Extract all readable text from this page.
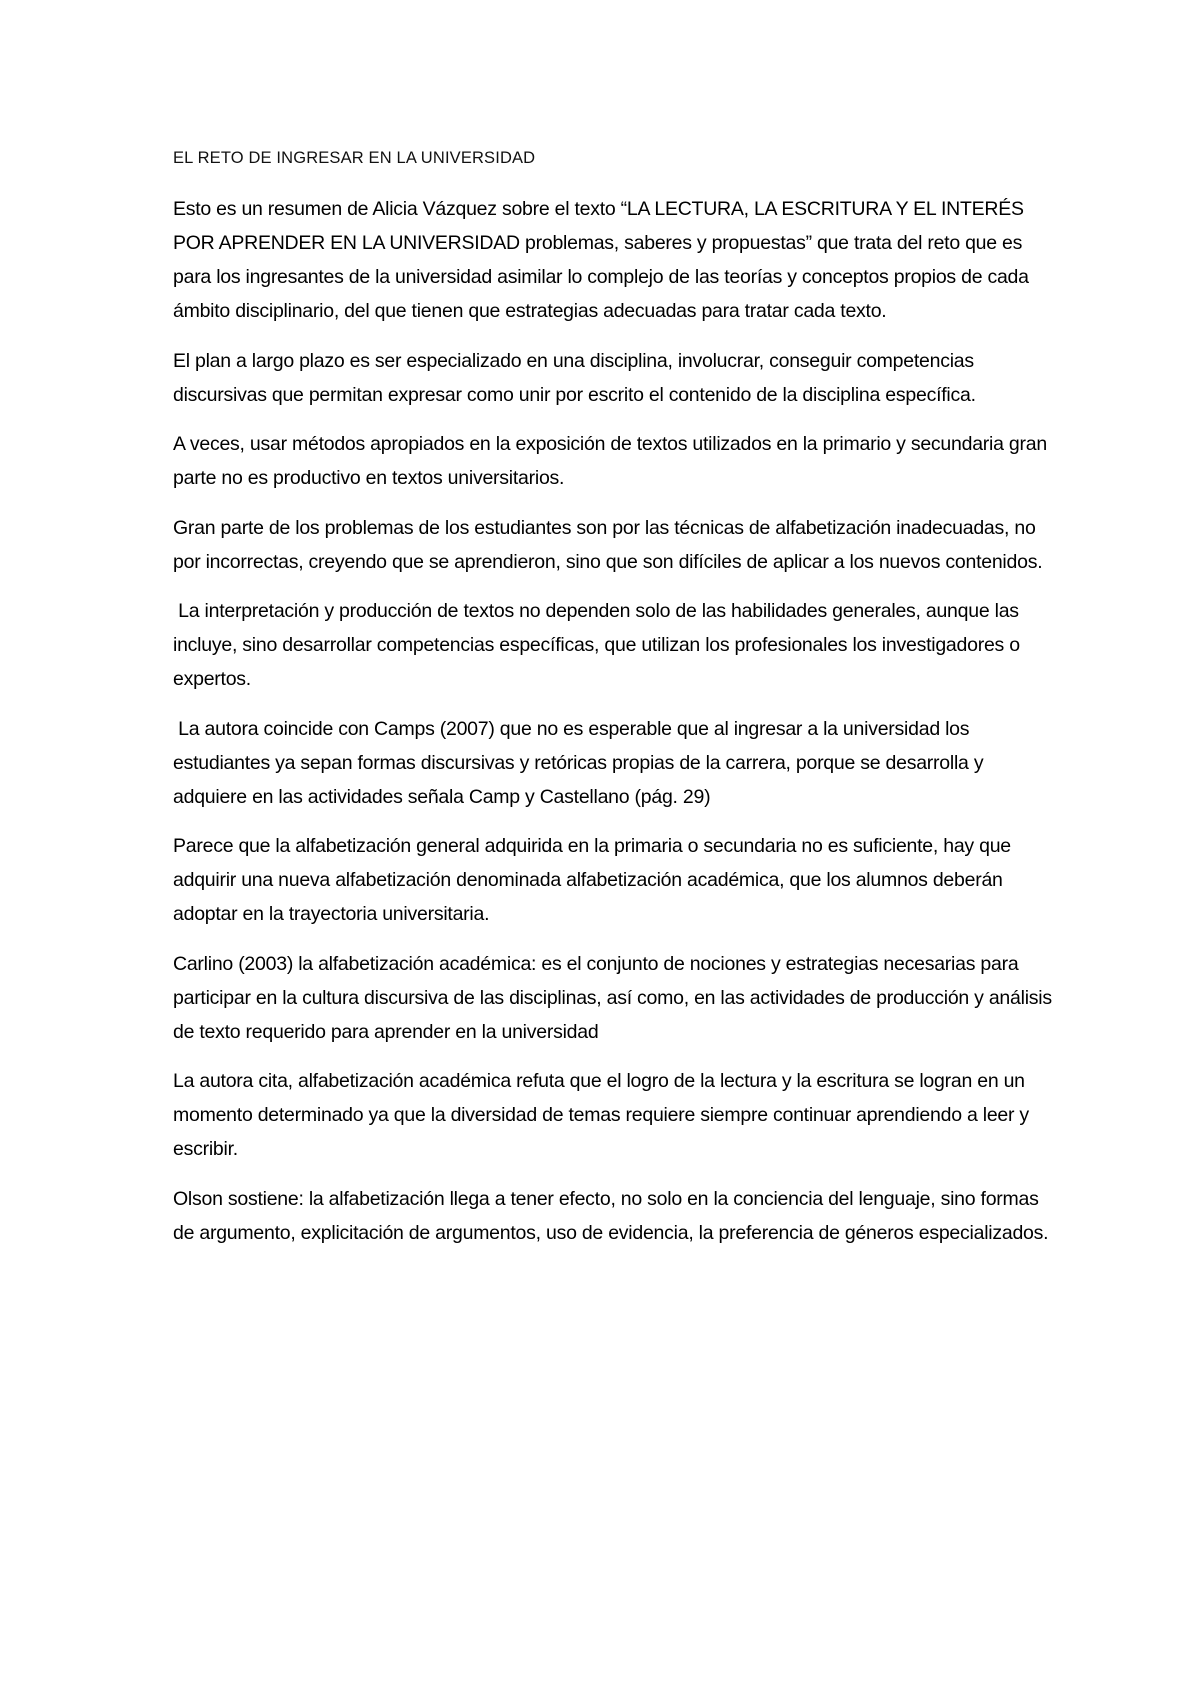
EL RETO DE INGRESAR EN LA UNIVERSIDAD

Esto es un resumen de Alicia Vázquez sobre el texto “LA LECTURA, LA ESCRITURA Y EL INTERÉS POR APRENDER EN LA UNIVERSIDAD problemas, saberes y propuestas” que trata del reto que es para los ingresantes de la universidad asimilar lo complejo de las teorías y conceptos propios de cada ámbito disciplinario, del que tienen que estrategias adecuadas para tratar cada texto.

El plan a largo plazo es ser especializado en una disciplina, involucrar, conseguir competencias discursivas que permitan expresar como unir por escrito el contenido de la disciplina específica.

A veces, usar métodos apropiados en la exposición de textos utilizados en la primario y secundaria gran parte no es productivo en textos universitarios.

Gran parte de los problemas de los estudiantes son por las técnicas de alfabetización inadecuadas, no por incorrectas, creyendo que se aprendieron, sino que son difíciles de aplicar a los nuevos contenidos.

La interpretación y producción de textos no dependen solo de las habilidades generales, aunque las incluye, sino desarrollar competencias específicas, que utilizan los profesionales los investigadores o expertos.

La autora coincide con Camps (2007) que no es esperable que al ingresar a la universidad los estudiantes ya sepan formas discursivas y retóricas propias de la carrera, porque se desarrolla y adquiere en las actividades señala Camp y Castellano (pág. 29)

Parece que la alfabetización general adquirida en la primaria o secundaria no es suficiente, hay que adquirir una nueva alfabetización denominada alfabetización académica, que los alumnos deberán adoptar en la trayectoria universitaria.

Carlino (2003) la alfabetización académica: es el conjunto de nociones y estrategias necesarias para participar en la cultura discursiva de las disciplinas, así como, en las actividades de producción y análisis de texto requerido para aprender en la universidad

La autora cita, alfabetización académica refuta que el logro de la lectura y la escritura se logran en un momento determinado ya que la diversidad de temas requiere siempre continuar aprendiendo a leer y escribir.

Olson sostiene: la alfabetización llega a tener efecto, no solo en la conciencia del lenguaje, sino formas de argumento, explicitación de argumentos, uso de evidencia, la preferencia de géneros especializados.
